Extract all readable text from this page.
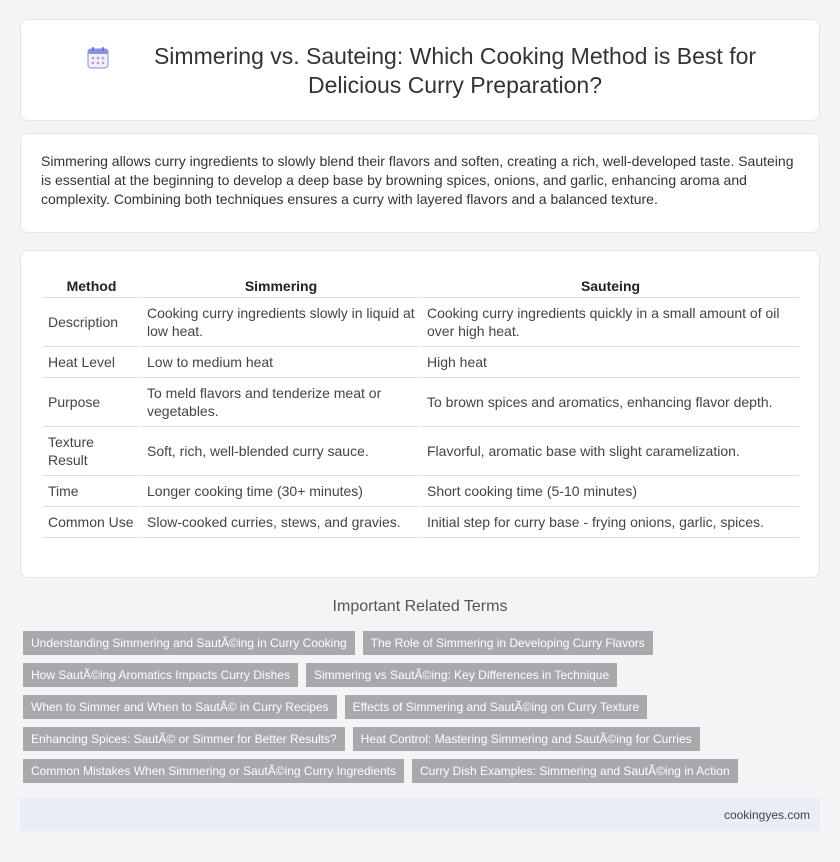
Simmering vs. Sauteing: Which Cooking Method is Best for Delicious Curry Preparation?

Simmering allows curry ingredients to slowly blend their flavors and soften, creating a rich, well-developed taste. Sauteing is essential at the beginning to develop a deep base by browning spices, onions, and garlic, enhancing aroma and complexity. Combining both techniques ensures a curry with layered flavors and a balanced texture.

Method	Simmering	Sauteing
Description	Cooking curry ingredients slowly in liquid at low heat.	Cooking curry ingredients quickly in a small amount of oil over high heat.
Heat Level	Low to medium heat	High heat
Purpose	To meld flavors and tenderize meat or vegetables.	To brown spices and aromatics, enhancing flavor depth.
Texture Result	Soft, rich, well-blended curry sauce.	Flavorful, aromatic base with slight caramelization.
Time	Longer cooking time (30+ minutes)	Short cooking time (5-10 minutes)
Common Use	Slow-cooked curries, stews, and gravies.	Initial step for curry base - frying onions, garlic, spices.
Important Related Terms
Understanding Simmering and SautÃ©ing in Curry Cooking	The Role of Simmering in Developing Curry Flavors
How SautÃ©ing Aromatics Impacts Curry Dishes	Simmering vs SautÃ©ing: Key Differences in Technique
When to Simmer and When to SautÃ© in Curry Recipes	Effects of Simmering and SautÃ©ing on Curry Texture
Enhancing Spices: SautÃ© or Simmer for Better Results?	Heat Control: Mastering Simmering and SautÃ©ing for Curries
Common Mistakes When Simmering or SautÃ©ing Curry Ingredients	Curry Dish Examples: Simmering and SautÃ©ing in Action
cookingyes.com
